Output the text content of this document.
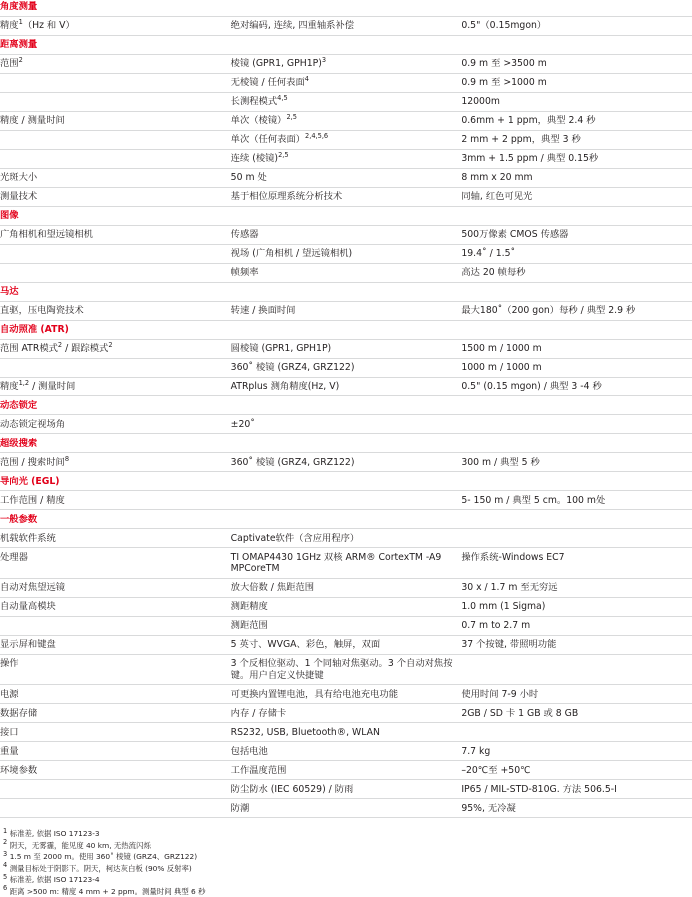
角度测量		
精度$^1$（Hz 和 V）	绝对编码, 连续, 四重轴系补偿	0.5"（0.15mgon）
距离测量		
范围$^2$	棱镜 (GPR1, GPH1P)$^3$	0.9 m 至 >3500 m
	无棱镜 / 任何表面$^4$	0.9 m 至 >1000 m
	长测程模式$^{4,5}$	12000m
精度 / 测量时间	单次（棱镜）$^{2,5}$	0.6mm + 1 ppm，典型 2.4 秒
	单次（任何表面）$^{2,4,5,6}$	2 mm + 2 ppm，典型 3 秒
	连续 (棱镜)$^{2,5}$	3mm + 1.5 ppm / 典型 0.15秒
光斑大小	50 m 处	8 mm x 20 mm
测量技术	基于相位原理系统分析技术	同轴, 红色可见光
图像		
广角相机和望远镜相机	传感器	500万像素 CMOS 传感器
	视场 (广角相机 / 望远镜相机)	19.4˚ / 1.5˚
	帧频率	高达 20 帧每秒
马达		
直驱，压电陶瓷技术	转速 / 换面时间	最大180˚（200 gon）每秒 / 典型 2.9 秒
自动照准 (ATR)		
范围 ATR模式$^2$ / 跟踪模式$^2$	圆棱镜 (GPR1, GPH1P)	1500 m / 1000 m
	360˚ 棱镜 (GRZ4, GRZ122)	1000 m / 1000 m
精度$^{1,2}$ / 测量时间	ATRplus 测角精度(Hz, V)	0.5" (0.15 mgon) / 典型 3 -4 秒
动态锁定		
动态锁定视场角	±20˚	
超级搜索		
范围 / 搜索时间$^8$	360˚ 棱镜 (GRZ4, GRZ122)	300 m / 典型 5 秒
导向光 (EGL)		
工作范围 / 精度		5- 150 m / 典型 5 cm。100 m处
一般参数		
机载软件系统	Captivate软件（含应用程序）	
处理器	TI OMAP4430 1GHz 双核 ARM® CortexTM -A9 MPCoreTM	操作系统-Windows EC7
自动对焦望远镜	放大倍数 / 焦距范围	30 x / 1.7 m 至无穷远
自动量高模块	测距精度	1.0 mm (1 Sigma)
	测距范围	0.7 m to 2.7 m
显示屏和键盘	5 英寸、WVGA、彩色，触屏，双面	37 个按键, 带照明功能
操作	3 个反相位驱动、1 个同轴对焦驱动。3 个自动对焦按键。用户自定义快捷键	
电源	可更换内置锂电池，具有给电池充电功能	使用时间 7-9 小时
数据存储	内存 / 存储卡	2GB / SD 卡 1 GB 或 8 GB
接口	RS232, USB, Bluetooth®, WLAN	
重量	包括电池	7.7 kg
环境参数	工作温度范围	–20℃至 +50℃
	防尘防水 (IEC 60529) / 防雨	IP65 / MIL-STD-810G. 方法 506.5-I
	防潮	95%, 无冷凝
1 标准差, 依据 ISO 17123-3
2 阴天，无雾霾，能见度 40 km, 无热流闪烁
3 1.5 m 至 2000 m。使用 360˚ 棱镜 (GRZ4、GRZ122)
4 测量目标处于阴影下。阴天，柯达灰白板 (90% 反射率)
5 标准差, 依据 ISO 17123-4
6 距离 >500 m: 精度 4 mm + 2 ppm。测量时间 典型 6 秒
